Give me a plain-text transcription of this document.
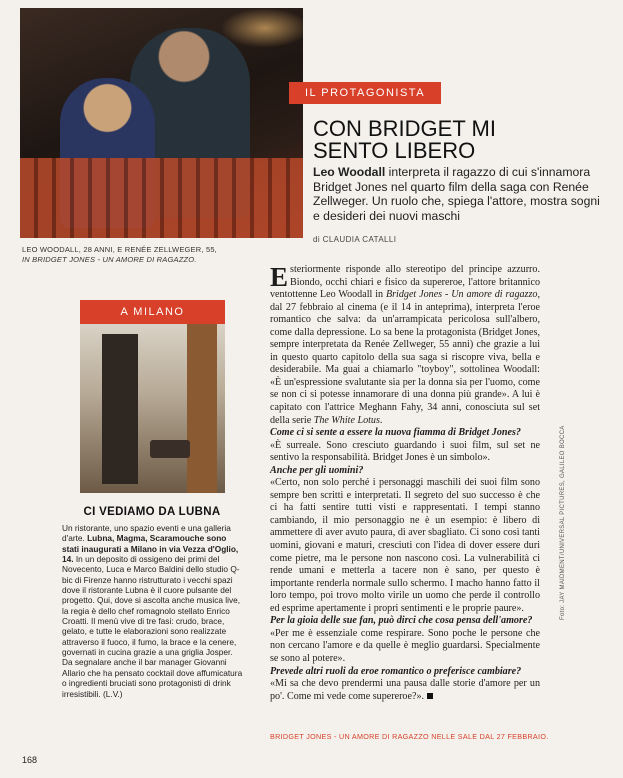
LEO WOODALL, 28 ANNI, E RENÉE ZELLWEGER, 55,
IN BRIDGET JONES - UN AMORE DI RAGAZZO.
IL PROTAGONISTA
CON BRIDGET MI
SENTO LIBERO

Leo Woodall interpreta il ragazzo di cui s'innamora Bridget Jones nel quarto film della saga con Renée Zellweger. Un ruolo che, spiega l'attore, mostra sogni e desideri dei nuovi maschi

di CLAUDIA CATALLI
A MILANO
CI VEDIAMO DA LUBNA

Un ristorante, uno spazio eventi e una galleria d'arte. Lubna, Magma, Scaramouche sono stati inaugurati a Milano in via Vezza d'Oglio, 14. In un deposito di ossigeno dei primi del Novecento, Luca e Marco Baldini dello studio Q-bic di Firenze hanno ristrutturato i vecchi spazi dove il ristorante Lubna è il cuore pulsante del progetto. Qui, dove si ascolta anche musica live, la regia è dello chef romagnolo stellato Enrico Croatti. Il menù vive di tre fasi: crudo, brace, gelato, e tutte le elaborazioni sono realizzate attraverso il fuoco, il fumo, la brace e la cenere, governati in cucina grazie a una griglia Josper. Da segnalare anche il bar manager Giovanni Allario che ha pensato cocktail dove affumicatura o ingredienti bruciati sono protagonisti di drink irresistibili. (L.V.)

Esteriormente risponde allo stereotipo del principe azzurro. Biondo, occhi chiari e fisico da supereroe, l'attore britannico ventottenne Leo Woodall in Bridget Jones - Un amore di ragazzo, dal 27 febbraio al cinema (e il 14 in anteprima), interpreta l'eroe romantico che salva: da un'arrampicata pericolosa sull'albero, come dalla depressione. Lo sa bene la protagonista (Bridget Jones, sempre interpretata da Renée Zellweger, 55 anni) che grazie a lui in questo quarto capitolo della sua saga si riscopre viva, bella e desiderabile. Ma guai a chiamarlo "toyboy", sottolinea Woodall: «È un'espressione svalutante sia per la donna sia per l'uomo, come se non ci si potesse innamorare di una donna più grande». A lui è capitato con l'attrice Meghann Fahy, 34 anni, conosciuta sul set della serie The White Lotus.

Come ci si sente a essere la nuova fiamma di Bridget Jones?

«È surreale. Sono cresciuto guardando i suoi film, sul set ne sentivo la responsabilità. Bridget Jones è un simbolo».

Anche per gli uomini?

«Certo, non solo perché i personaggi maschili dei suoi film sono sempre ben scritti e interpretati. Il segreto del suo successo è che ci ha fatti sentire tutti visti e rappresentati. I tempi stanno cambiando, il mio personaggio ne è un esempio: è libero di ammettere di aver avuto paura, di aver sbagliato. Ci sono così tanti uomini, giovani e maturi, cresciuti con l'idea di dover essere duri come pietre, ma le persone non nascono così. La vulnerabilità ci rende umani e metterla a tacere non è sano, per questo è importante renderla normale sullo schermo. I macho hanno fatto il loro tempo, poi trovo molto virile un uomo che perde il controllo ed esprime apertamente i propri sentimenti e le proprie paure».

Per la gioia delle sue fan, può dirci che cosa pensa dell'amore?

«Per me è essenziale come respirare. Sono poche le persone che non cercano l'amore e da quelle è meglio guardarsi. Specialmente se sono al potere».

Prevede altri ruoli da eroe romantico o preferisce cambiare?

«Mi sa che devo prendermi una pausa dalle storie d'amore per un po'. Come mi vede come supereroe?».

BRIDGET JONES - UN AMORE DI RAGAZZO NELLE SALE DAL 27 FEBBRAIO.
Foto: JAY MAIDMENT/UNIVERSAL PICTURES, GALILEO BOCCA
168
